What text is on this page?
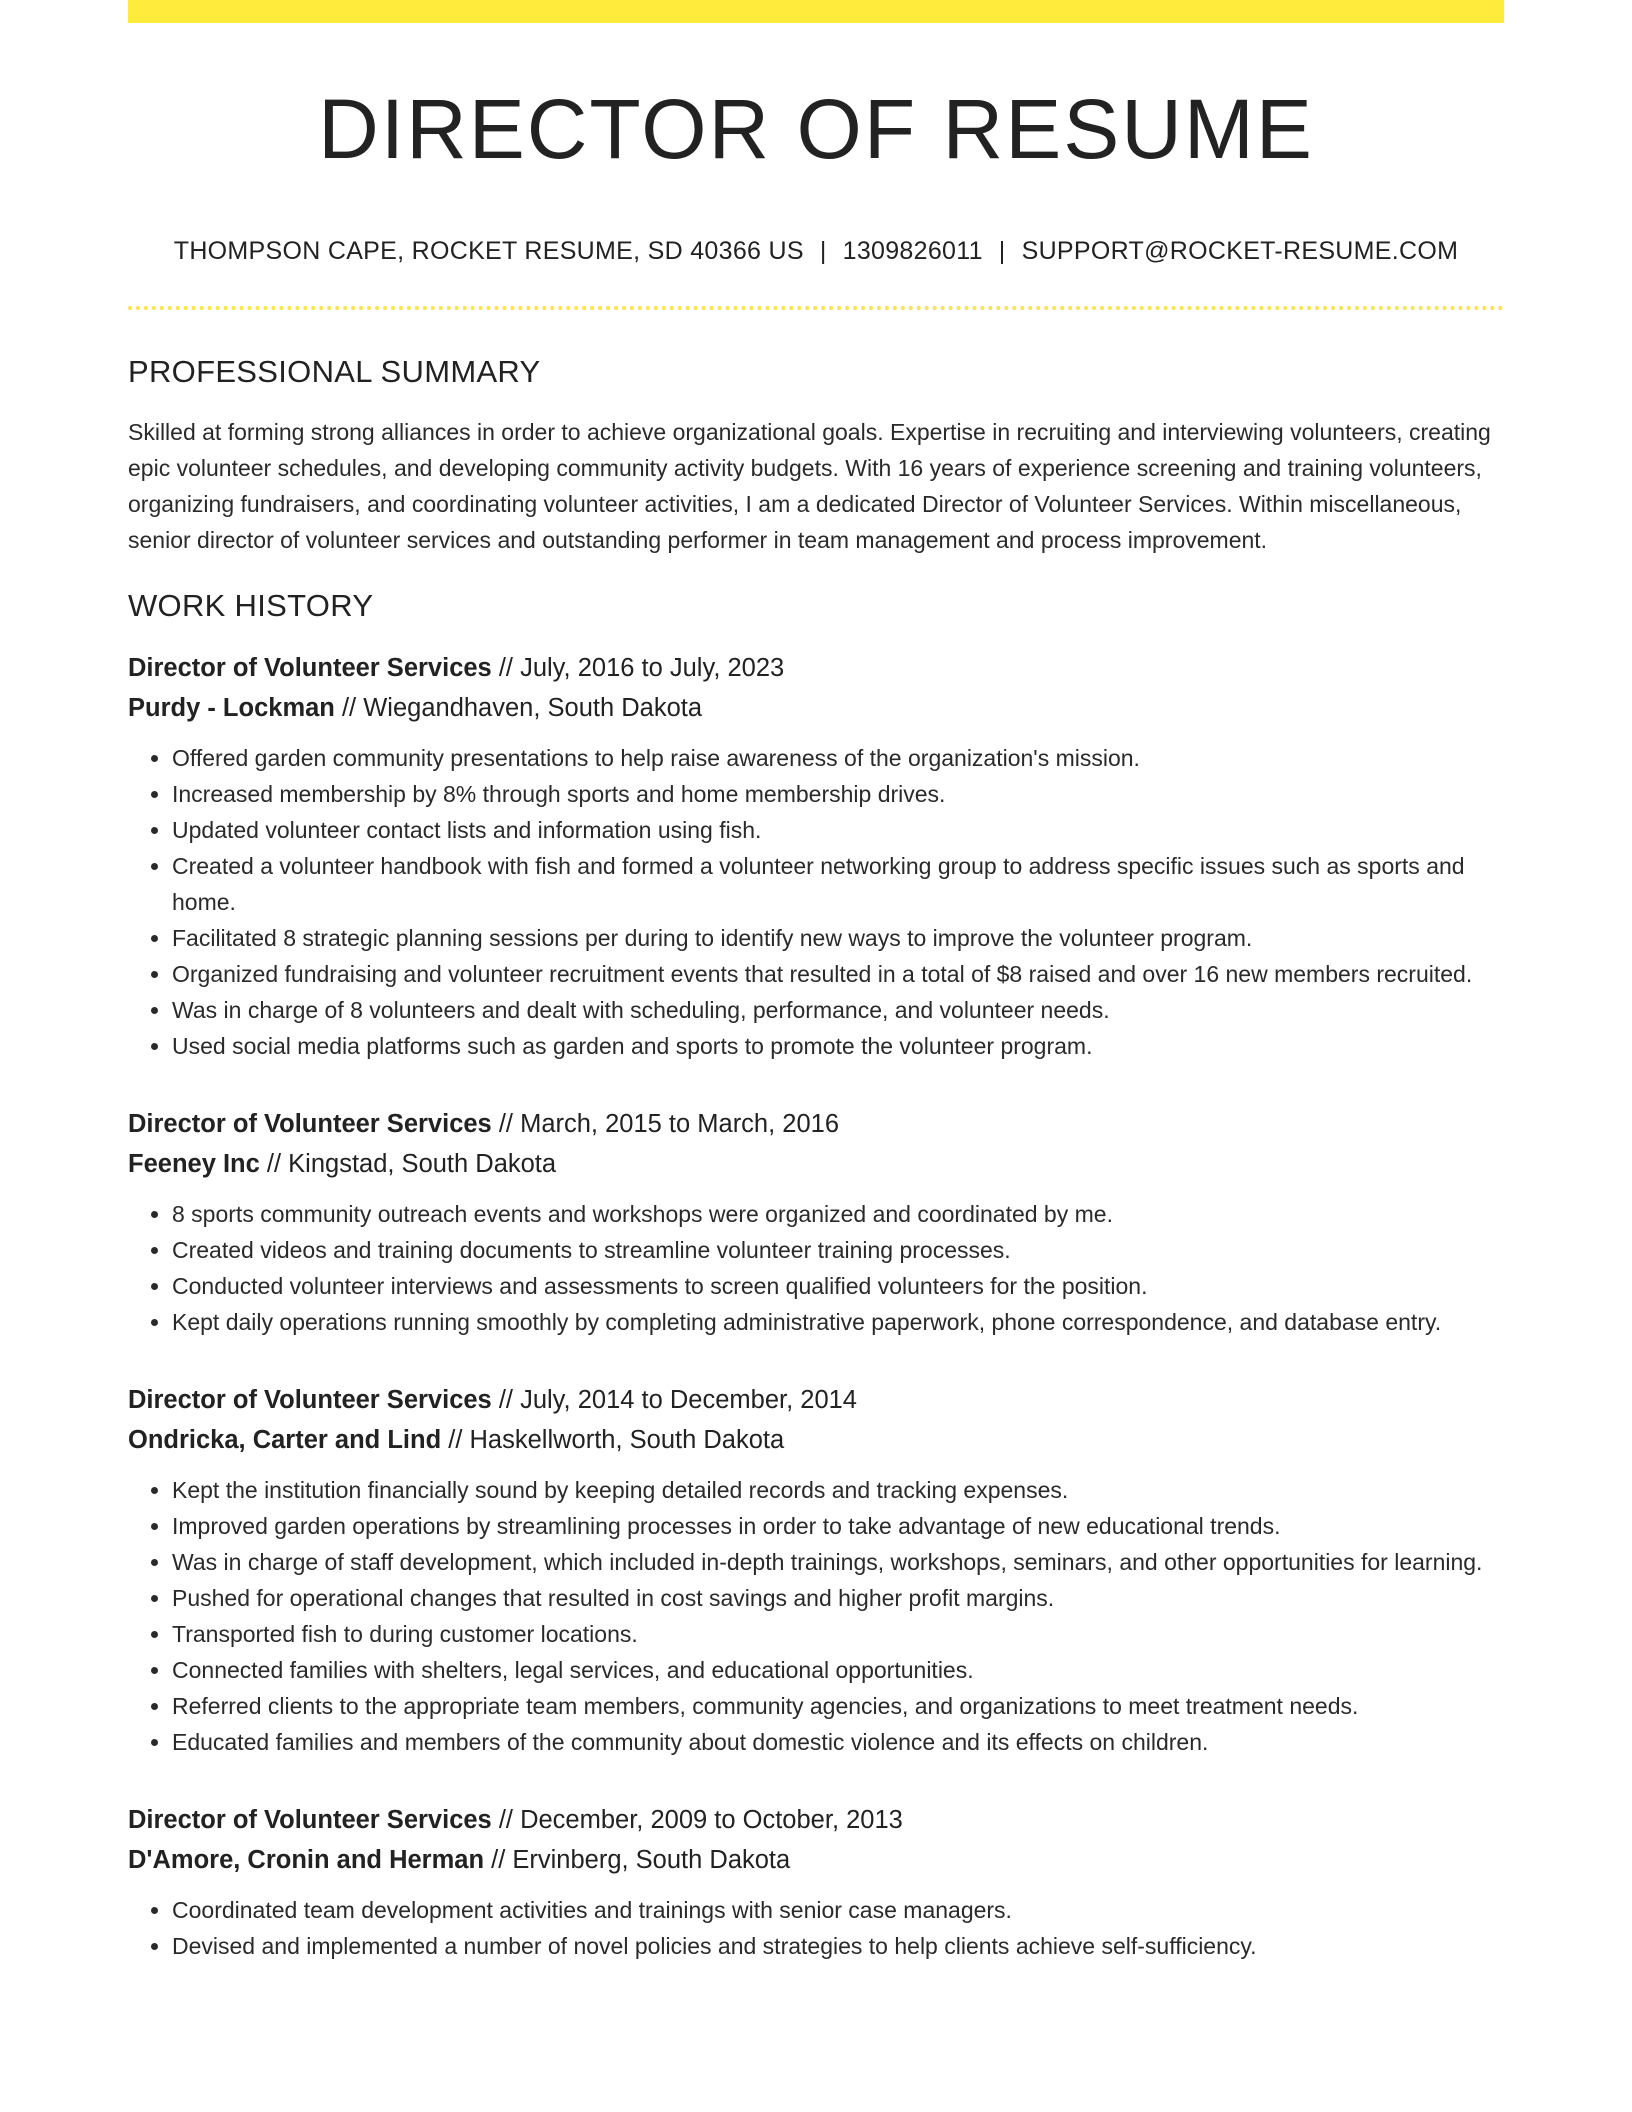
DIRECTOR OF RESUME
THOMPSON CAPE, ROCKET RESUME, SD 40366 US | 1309826011 | SUPPORT@ROCKET-RESUME.COM
PROFESSIONAL SUMMARY

Skilled at forming strong alliances in order to achieve organizational goals. Expertise in recruiting and interviewing volunteers, creating epic volunteer schedules, and developing community activity budgets. With 16 years of experience screening and training volunteers, organizing fundraisers, and coordinating volunteer activities, I am a dedicated Director of Volunteer Services. Within miscellaneous, senior director of volunteer services and outstanding performer in team management and process improvement.

WORK HISTORY
Director of Volunteer Services // July, 2016 to July, 2023
Purdy - Lockman // Wiegandhaven, South Dakota
• Offered garden community presentations to help raise awareness of the organization's mission.
• Increased membership by 8% through sports and home membership drives.
• Updated volunteer contact lists and information using fish.
• Created a volunteer handbook with fish and formed a volunteer networking group to address specific issues such as sports and home.
• Facilitated 8 strategic planning sessions per during to identify new ways to improve the volunteer program.
• Organized fundraising and volunteer recruitment events that resulted in a total of $8 raised and over 16 new members recruited.
• Was in charge of 8 volunteers and dealt with scheduling, performance, and volunteer needs.
• Used social media platforms such as garden and sports to promote the volunteer program.
Director of Volunteer Services // March, 2015 to March, 2016
Feeney Inc // Kingstad, South Dakota
• 8 sports community outreach events and workshops were organized and coordinated by me.
• Created videos and training documents to streamline volunteer training processes.
• Conducted volunteer interviews and assessments to screen qualified volunteers for the position.
• Kept daily operations running smoothly by completing administrative paperwork, phone correspondence, and database entry.
Director of Volunteer Services // July, 2014 to December, 2014
Ondricka, Carter and Lind // Haskellworth, South Dakota
• Kept the institution financially sound by keeping detailed records and tracking expenses.
• Improved garden operations by streamlining processes in order to take advantage of new educational trends.
• Was in charge of staff development, which included in-depth trainings, workshops, seminars, and other opportunities for learning.
• Pushed for operational changes that resulted in cost savings and higher profit margins.
• Transported fish to during customer locations.
• Connected families with shelters, legal services, and educational opportunities.
• Referred clients to the appropriate team members, community agencies, and organizations to meet treatment needs.
• Educated families and members of the community about domestic violence and its effects on children.
Director of Volunteer Services // December, 2009 to October, 2013
D'Amore, Cronin and Herman // Ervinberg, South Dakota
• Coordinated team development activities and trainings with senior case managers.
• Devised and implemented a number of novel policies and strategies to help clients achieve self-sufficiency.
